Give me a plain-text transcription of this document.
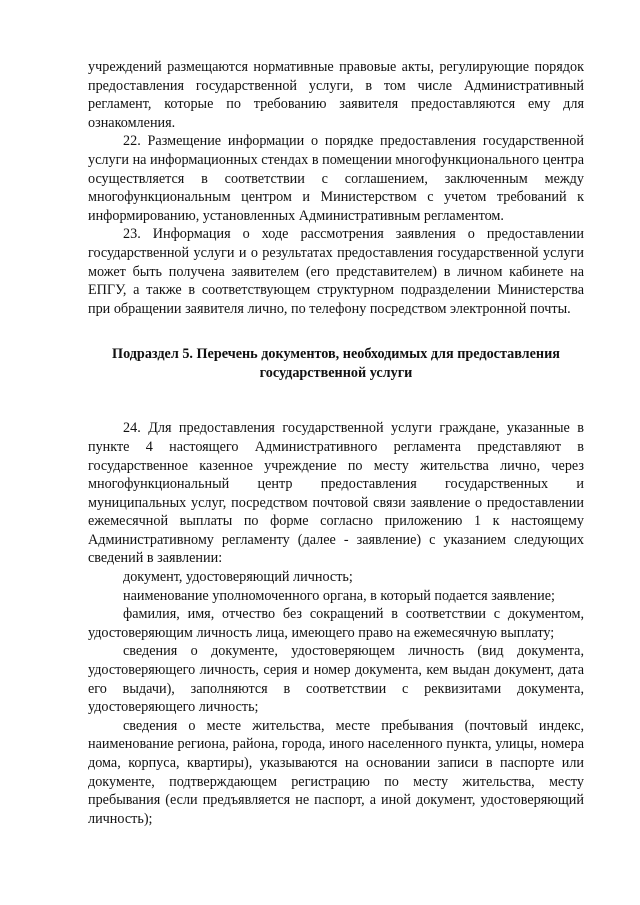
учреждений размещаются нормативные правовые акты, регулирующие порядок предоставления государственной услуги, в том числе Административный регламент, которые по требованию заявителя предоставляются ему для ознакомления.

22. Размещение информации о порядке предоставления государственной услуги на информационных стендах в помещении многофункционального центра осуществляется в соответствии с соглашением, заключенным между многофункциональным центром и Министерством с учетом требований к информированию, установленных Административным регламентом.

23. Информация о ходе рассмотрения заявления о предоставлении государственной услуги и о результатах предоставления государственной услуги может быть получена заявителем (его представителем) в личном кабинете на ЕПГУ, а также в соответствующем структурном подразделении Министерства при обращении заявителя лично, по телефону посредством электронной почты.

Подраздел 5. Перечень документов, необходимых для предоставления
государственной услуги

24. Для предоставления государственной услуги граждане, указанные в пункте 4 настоящего Административного регламента представляют в государственное казенное учреждение по месту жительства лично, через многофункциональный центр предоставления государственных и муниципальных услуг, посредством почтовой связи заявление о предоставлении ежемесячной выплаты по форме согласно приложению 1 к настоящему Административному регламенту (далее - заявление) с указанием следующих сведений в заявлении:

документ, удостоверяющий личность;

наименование уполномоченного органа, в который подается заявление;

фамилия, имя, отчество без сокращений в соответствии с документом, удостоверяющим личность лица, имеющего право на ежемесячную выплату;

сведения о документе, удостоверяющем личность (вид документа, удостоверяющего личность, серия и номер документа, кем выдан документ, дата его выдачи), заполняются в соответствии с реквизитами документа, удостоверяющего личность;

сведения о месте жительства, месте пребывания (почтовый индекс, наименование региона, района, города, иного населенного пункта, улицы, номера дома, корпуса, квартиры), указываются на основании записи в паспорте или документе, подтверждающем регистрацию по месту жительства, месту пребывания (если предъявляется не паспорт, а иной документ, удостоверяющий личность);
